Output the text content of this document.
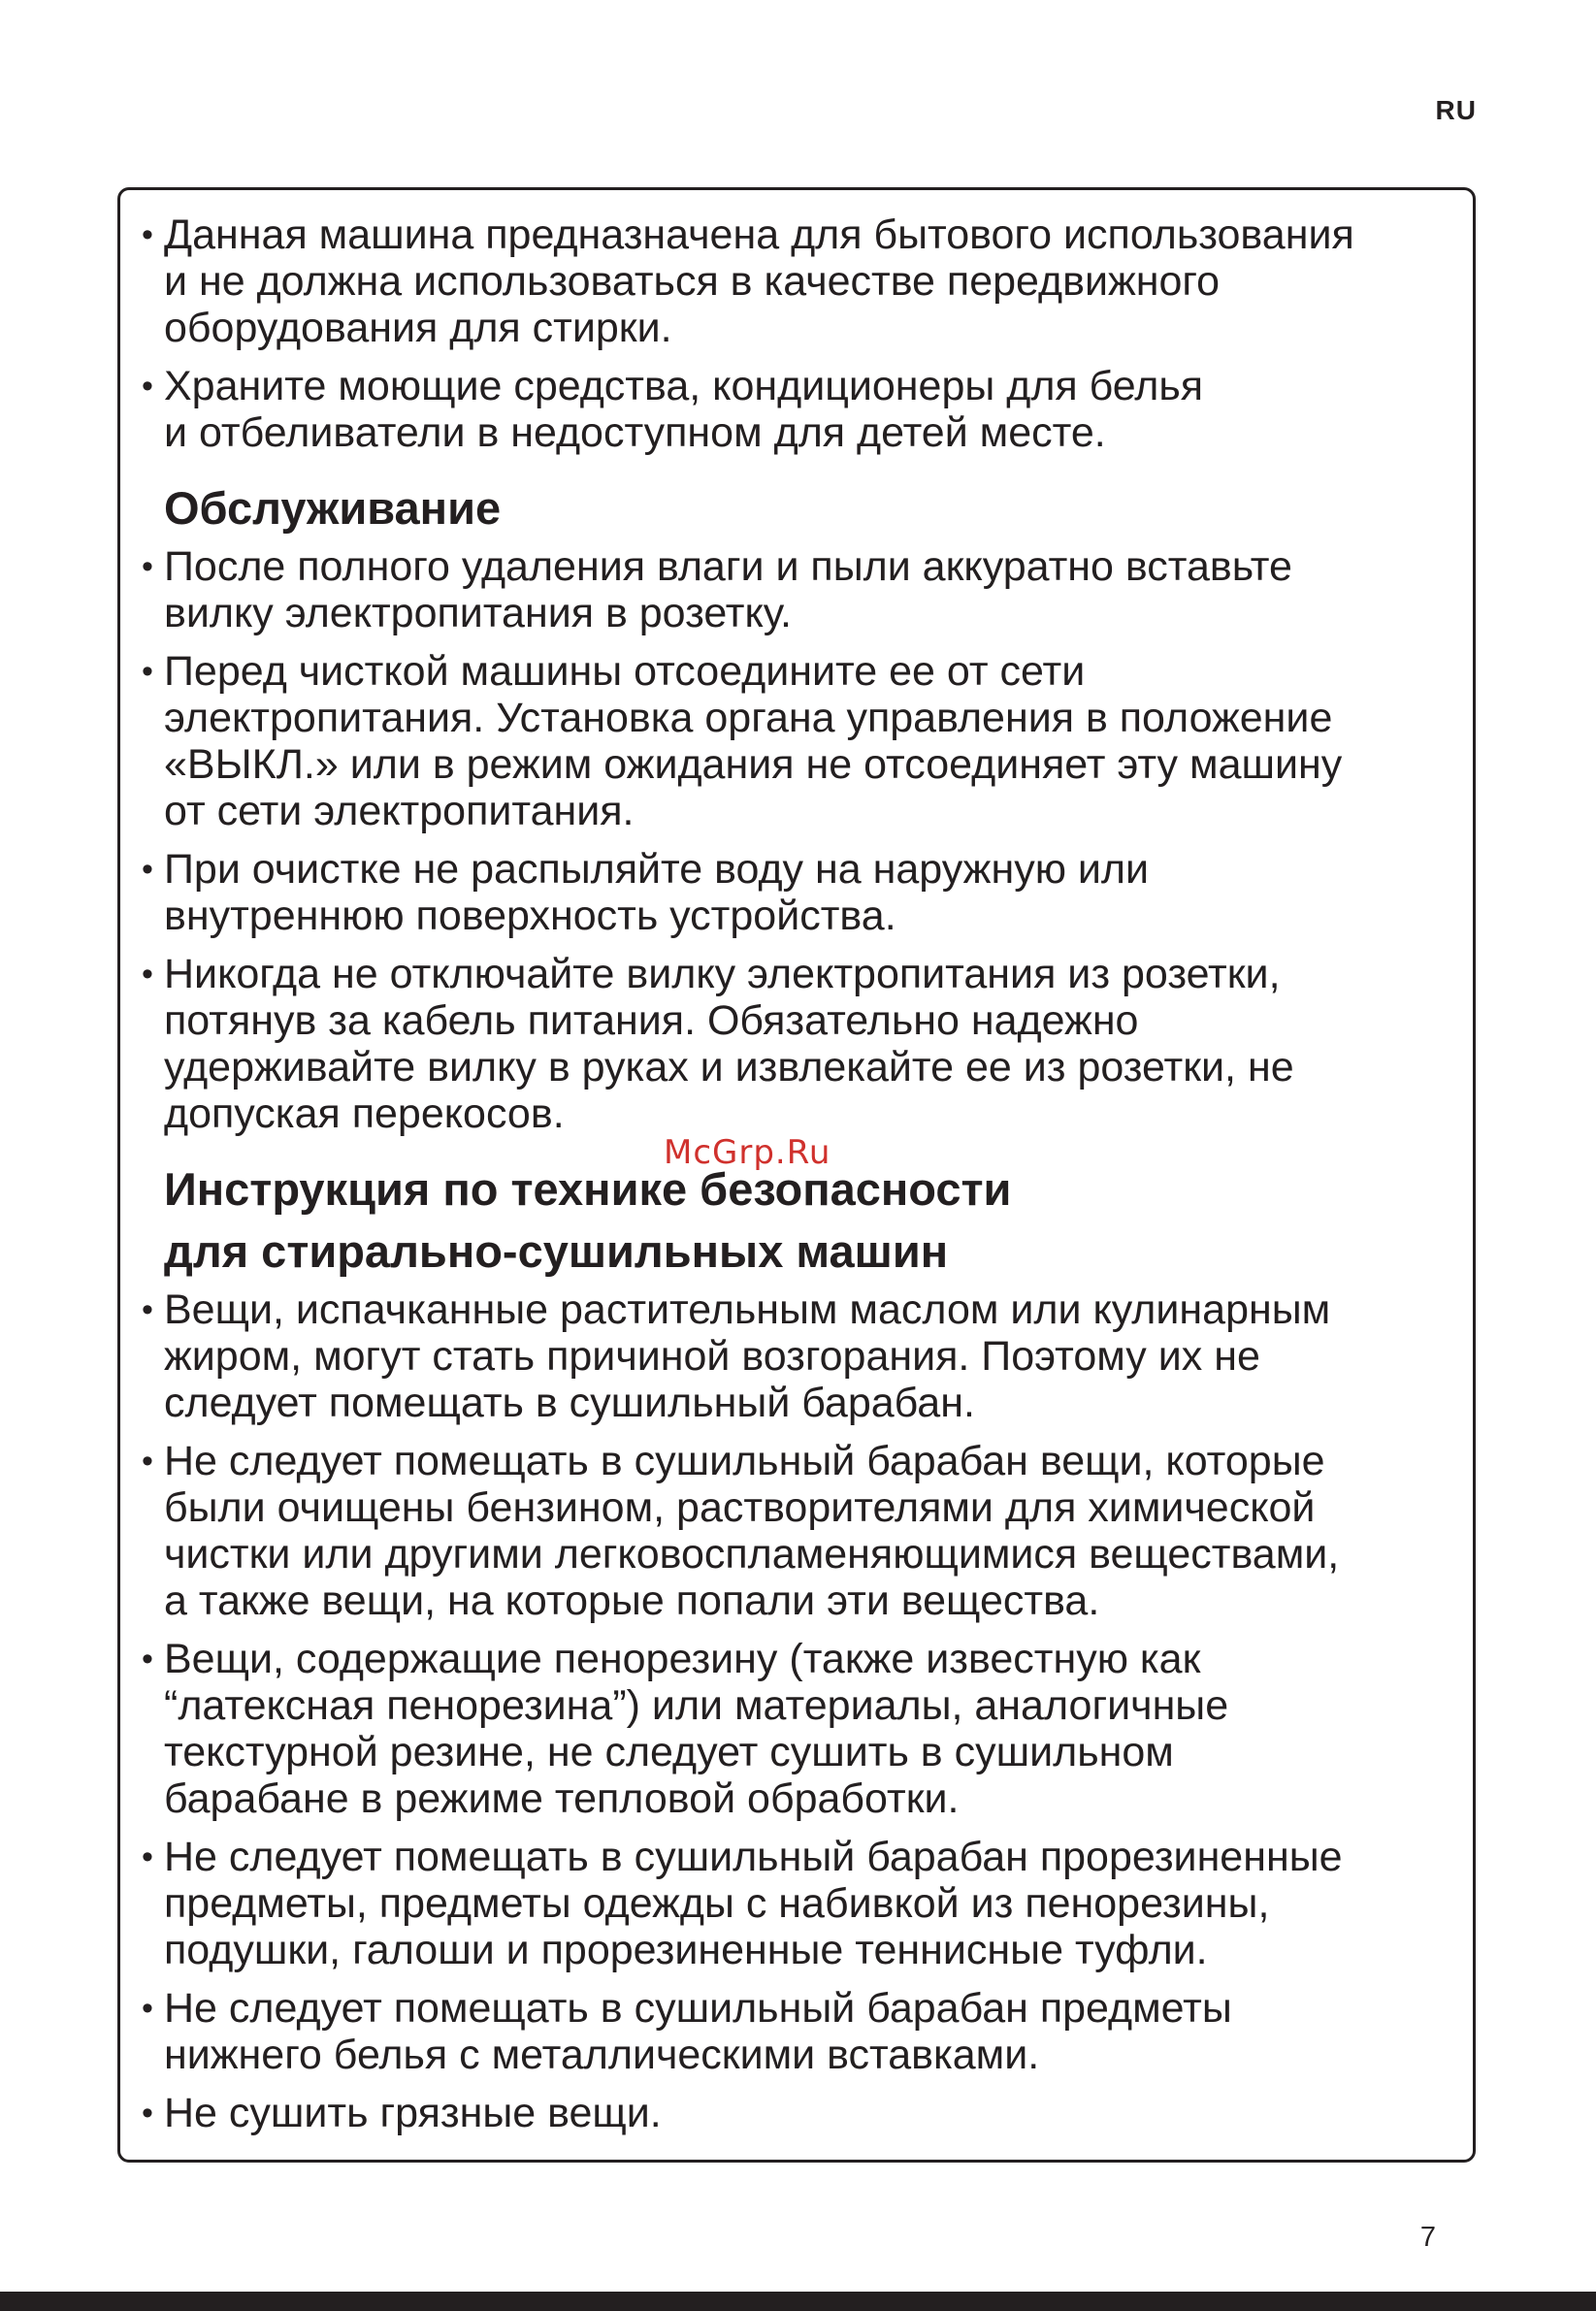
RU
• Данная машина предназначена для бытового использования
и не должна использоваться в качестве передвижного
оборудования для стирки.
• Храните моющие средства, кондиционеры для белья
и отбеливатели в недоступном для детей месте.
Обслуживание
• После полного удаления влаги и пыли аккуратно вставьте
вилку электропитания в розетку.
• Перед чисткой машины отсоедините ее от сети
электропитания. Установка органа управления в положение
«ВЫКЛ.» или в режим ожидания не отсоединяет эту машину
от сети электропитания.
• При очистке не распыляйте воду на наружную или
внутреннюю поверхность устройства.
• Никогда не отключайте вилку электропитания из розетки,
потянув за кабель питания. Обязательно надежно
удерживайте вилку в руках и извлекайте ее из розетки, не
допуская перекосов.
Инструкция по технике безопасности
для стирально-сушильных машин
• Вещи, испачканные растительным маслом или кулинарным
жиром, могут стать причиной возгорания. Поэтому их не
следует помещать в сушильный барабан.
• Не следует помещать в сушильный барабан вещи, которые
были очищены бензином, растворителями для химической
чистки или другими легковоспламеняющимися веществами,
а также вещи, на которые попали эти вещества.
• Вещи, содержащие пенорезину (также известную как
“латексная пенорезина”) или материалы, аналогичные
текстурной резине, не следует сушить в сушильном
барабане в режиме тепловой обработки.
• Не следует помещать в сушильный барабан прорезиненные
предметы, предметы одежды с набивкой из пенорезины,
подушки, галоши и прорезиненные теннисные туфли.
• Не следует помещать в сушильный барабан предметы
нижнего белья с металлическими вставками.
• Не сушить грязные вещи.
McGrp.Ru
7
